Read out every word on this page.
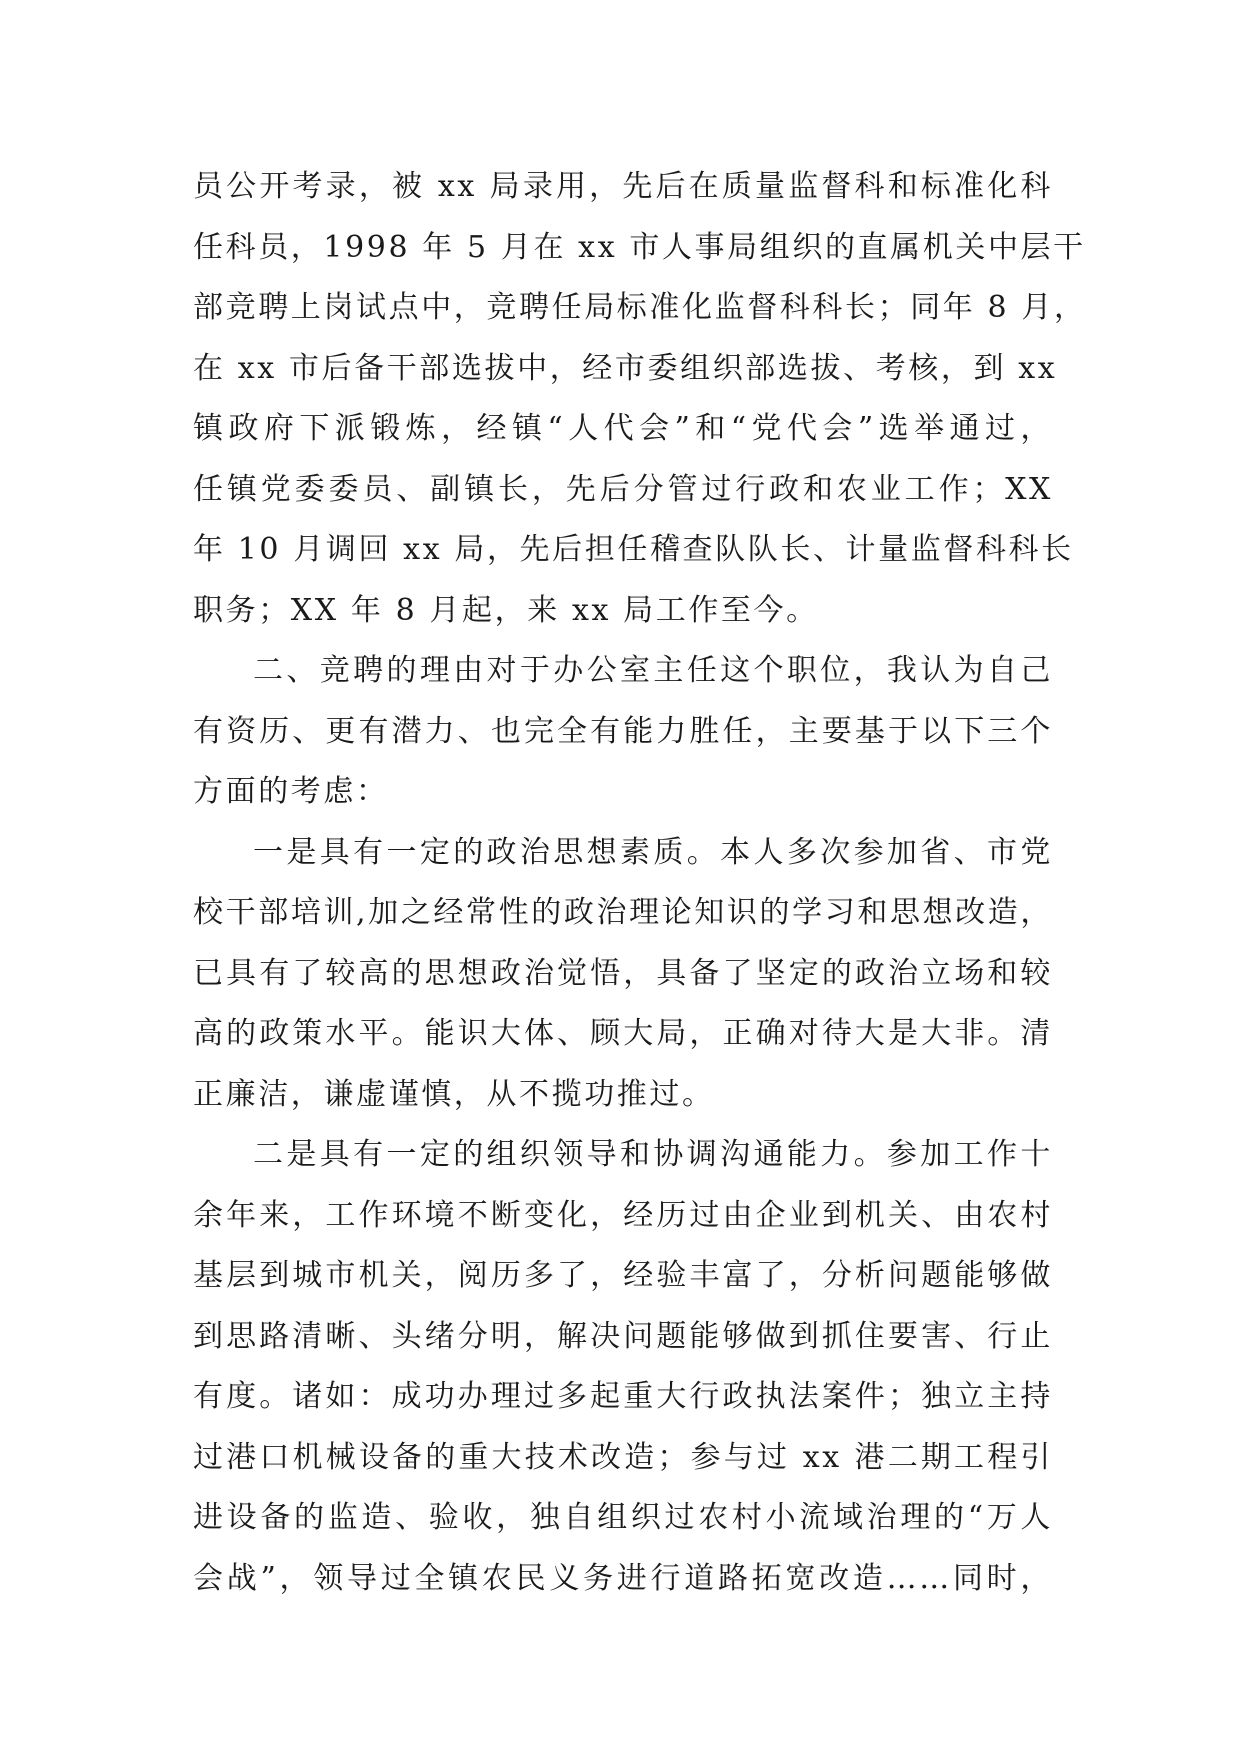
员公开考录，被 xx 局录用，先后在质量监督科和标准化科
任科员，1998 年 5 月在 xx 市人事局组织的直属机关中层干
部竞聘上岗试点中，竞聘任局标准化监督科科长；同年 8 月，
在 xx 市后备干部选拔中，经市委组织部选拔、考核，到 xx
镇政府下派锻炼，经镇“人代会”和“党代会”选举通过，
任镇党委委员、副镇长，先后分管过行政和农业工作；XX
年 10 月调回 xx 局，先后担任稽查队队长、计量监督科科长
职务；XX 年 8 月起，来 xx 局工作至今。
二、竞聘的理由对于办公室主任这个职位，我认为自己
有资历、更有潜力、也完全有能力胜任，主要基于以下三个
方面的考虑：
一是具有一定的政治思想素质。本人多次参加省、市党
校干部培训,加之经常性的政治理论知识的学习和思想改造，
已具有了较高的思想政治觉悟，具备了坚定的政治立场和较
高的政策水平。能识大体、顾大局，正确对待大是大非。清
正廉洁，谦虚谨慎，从不揽功推过。
二是具有一定的组织领导和协调沟通能力。参加工作十
余年来，工作环境不断变化，经历过由企业到机关、由农村
基层到城市机关，阅历多了，经验丰富了，分析问题能够做
到思路清晰、头绪分明，解决问题能够做到抓住要害、行止
有度。诸如：成功办理过多起重大行政执法案件；独立主持
过港口机械设备的重大技术改造；参与过 xx 港二期工程引
进设备的监造、验收，独自组织过农村小流域治理的“万人
会战”，领导过全镇农民义务进行道路拓宽改造……同时，
